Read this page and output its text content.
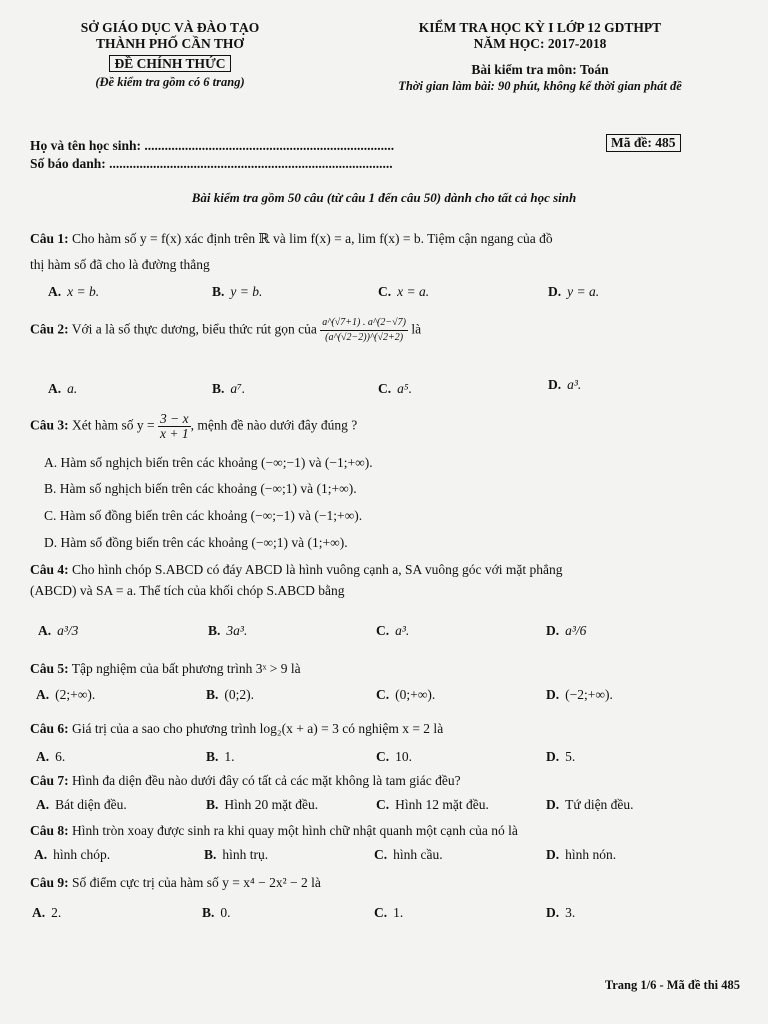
SỞ GIÁO DỤC VÀ ĐÀO TẠO
THÀNH PHỐ CẦN THƠ
ĐỀ CHÍNH THỨC
(Đề kiểm tra gồm có 6 trang)
KIỂM TRA HỌC KỲ I LỚP 12 GDTHPT
NĂM HỌC: 2017-2018
Bài kiểm tra môn: Toán
Thời gian làm bài: 90 phút, không kể thời gian phát đề
Họ và tên học sinh: ..........................................................................
Số báo danh: ....................................................................................
Mã đề: 485
Bài kiểm tra gồm 50 câu (từ câu 1 đến câu 50) dành cho tất cả học sinh
Câu 1: Cho hàm số y = f(x) xác định trên ℝ và lim f(x) = a, lim f(x) = b. Tiệm cận ngang của đồ
thị hàm số đã cho là đường thẳng
A. x = b.	B. y = b.	C. x = a.	D. y = a.
Câu 2: Với a là số thực dương, biểu thức rút gọn của $\frac{a\^{}(√7+1) . a\^{}(2-√7)}{(a\^{}(√2-2))\^{}(√2+2)}$ là
A. a.	B. a⁷.	C. a⁵.	D. a³.
Câu 3: Xét hàm số $y = \frac{3 - x}{x + 1}$ , mệnh đề nào dưới đây đúng ?
A. Hàm số nghịch biến trên các khoảng (−∞;−1) và (−1;+∞).
B. Hàm số nghịch biến trên các khoảng (−∞;1) và (1;+∞).
C. Hàm số đồng biến trên các khoảng (−∞;−1) và (−1;+∞).
D. Hàm số đồng biến trên các khoảng (−∞;1) và (1;+∞).
Câu 4: Cho hình chóp S.ABCD có đáy ABCD là hình vuông cạnh a, SA vuông góc với mặt phẳng
(ABCD) và SA = a. Thể tích của khối chóp S.ABCD bằng
A. a³/3	B. 3a³.	C. a³.	D. a³/6
Câu 5: Tập nghiệm của bất phương trình 3ˣ > 9 là
A. (2;+∞).	B. (0;2).	C. (0;+∞).	D. (−2;+∞).
Câu 6: Giá trị của a sao cho phương trình log₂(x + a) = 3 có nghiệm x = 2 là
A. 6.	B. 1.	C. 10.	D. 5.
Câu 7: Hình đa diện đều nào dưới đây có tất cả các mặt không là tam giác đều?
A. Bát diện đều.	B. Hình 20 mặt đều.	C. Hình 12 mặt đều.	D. Tứ diện đều.
Câu 8: Hình tròn xoay được sinh ra khi quay một hình chữ nhật quanh một cạnh của nó là
A. hình chóp.	B. hình trụ.	C. hình cầu.	D. hình nón.
Câu 9: Số điểm cực trị của hàm số y = x⁴ − 2x² − 2 là
A. 2.	B. 0.	C. 1.	D. 3.
Trang 1/6 - Mã đề thi 485
